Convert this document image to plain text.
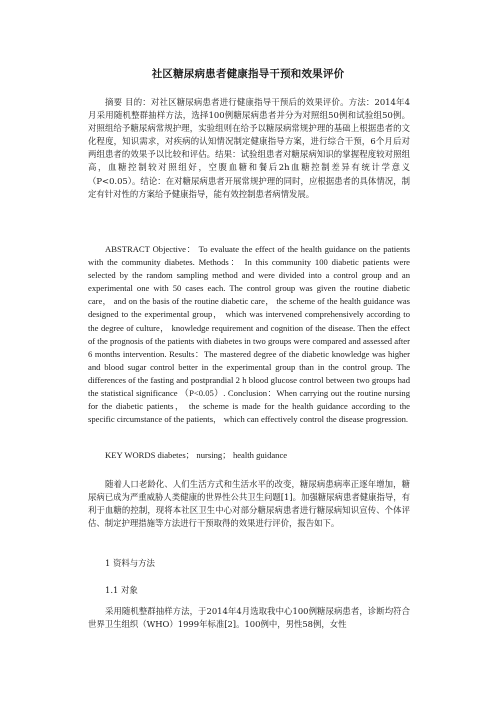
社区糖尿病患者健康指导干预和效果评价
摘要 目的：对社区糖尿病患者进行健康指导干预后的效果评价。方法：2014年4月采用随机整群抽样方法，选择100例糖尿病患者并分为对照组50例和试验组50例。对照组给予糖尿病常规护理，实验组则在给予以糖尿病常规护理的基础上根据患者的文化程度，知识需求，对疾病的认知情况制定健康指导方案，进行综合干预，6个月后对两组患者的效果予以比较和评估。结果：试验组患者对糖尿病知识的掌握程度较对照组高，血糖控制较对照组好，空腹血糖和餐后2h血糖控制差异有统计学意义（P<0.05）。结论：在对糖尿病患者开展常规护理的同时，应根据患者的具体情况，制定有针对性的方案给予健康指导，能有效控制患者病情发展。
ABSTRACT Objective： To evaluate the effect of the health guidance on the patients with the community diabetes. Methods： In this community 100 diabetic patients were selected by the random sampling method and were divided into a control group and an experimental one with 50 cases each. The control group was given the routine diabetic care， and on the basis of the routine diabetic care， the scheme of the health guidance was designed to the experimental group， which was intervened comprehensively according to the degree of culture， knowledge requirement and cognition of the disease. Then the effect of the prognosis of the patients with diabetes in two groups were compared and assessed after 6 months intervention. Results：The mastered degree of the diabetic knowledge was higher and blood sugar control better in the experimental group than in the control group. The differences of the fasting and postprandial 2 h blood glucose control between two groups had the statistical significance （P<0.05）. Conclusion：When carrying out the routine nursing for the diabetic patients， the scheme is made for the health guidance according to the specific circumstance of the patients， which can effectively control the disease progression.
KEY WORDS diabetes； nursing； health guidance
随着人口老龄化、人们生活方式和生活水平的改变，糖尿病患病率正逐年增加，糖尿病已成为严重威胁人类健康的世界性公共卫生问题[1]。加强糖尿病患者健康指导，有利于血糖的控制，现将本社区卫生中心对部分糖尿病患者进行糖尿病知识宣传、个体评估、制定护理措施等方法进行干预取得的效果进行评价，报告如下。
1 资料与方法
1.1 对象
采用随机整群抽样方法，于2014年4月选取我中心100例糖尿病患者，诊断均符合世界卫生组织（WHO）1999年标准[2]。100例中，男性58例，女性
